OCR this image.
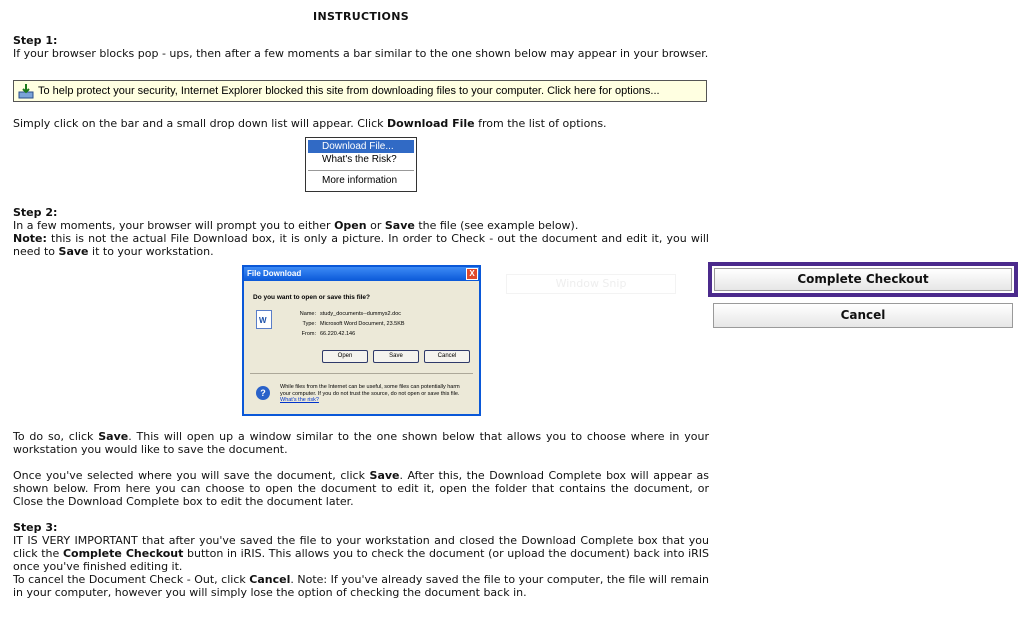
INSTRUCTIONS
Step 1:

If your browser blocks pop - ups, then after a few moments a bar similar to the one shown below may appear in your browser.

To help protect your security, Internet Explorer blocked this site from downloading files to your computer. Click here for options...

Simply click on the bar and a small drop down list will appear. Click Download File from the list of options.

Download File...
What's the Risk?
More information
Step 2:

In a few moments, your browser will prompt you to either Open or Save the file (see example below).

Note: this is not the actual File Download box, it is only a picture. In order to Check - out the document and edit it, you will need to Save it to your workstation.

File Download	X
Do you want to open or save this file?
W
Name: study_documents--dummys2.doc
Type: Microsoft Word Document, 23.5KB
From: 66.220.42.146
Open	Save	Cancel
?
While files from the Internet can be useful, some files can potentially harm your computer. If you do not trust the source, do not open or save this file. What's the risk?
Window Snip

To do so, click Save. This will open up a window similar to the one shown below that allows you to choose where in your workstation you would like to save the document.

Once you've selected where you will save the document, click Save. After this, the Download Complete box will appear as shown below. From here you can choose to open the document to edit it, open the folder that contains the document, or Close the Download Complete box to edit the document later.

Step 3:

IT IS VERY IMPORTANT that after you've saved the file to your workstation and closed the Download Complete box that you click the Complete Checkout button in iRIS. This allows you to check the document (or upload the document) back into iRIS once you've finished editing it.

To cancel the Document Check - Out, click Cancel. Note: If you've already saved the file to your computer, the file will remain in your computer, however you will simply lose the option of checking the document back in.

Complete Checkout
Cancel
